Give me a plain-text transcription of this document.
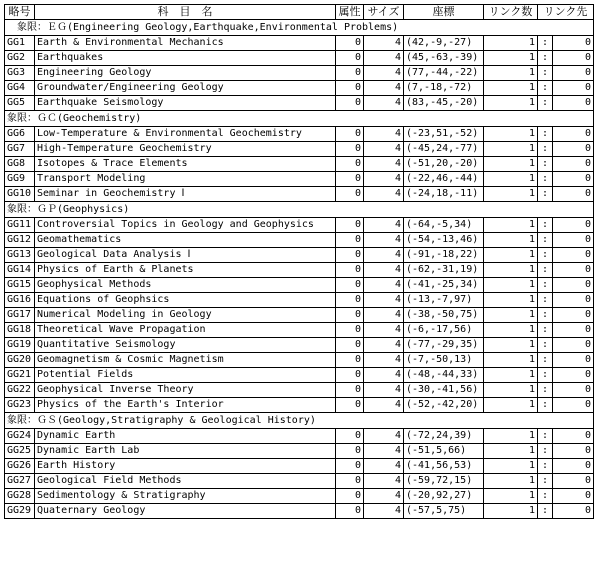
略号	科　目　名	属性	サイズ	座標	リンク数	リンク先	
　象限：ＥＧ(Engineering Geology,Earthquake,Environmental Problems)							
GG1	Earth & Environmental Mechanics	0	4	(42,-9,-27)	1	:	0
GG2	Earthquakes	0	4	(45,-63,-39)	1	:	0
GG3	Engineering Geology	0	4	(77,-44,-22)	1	:	0
GG4	Groundwater/Engineering Geology	0	4	(7,-18,-72)	1	:	0
GG5	Earthquake Seismology	0	4	(83,-45,-20)	1	:	0
象限：ＧＣ(Geochemistry)							
GG6	Low-Temperature & Environmental Geochemistry	0	4	(-23,51,-52)	1	:	0
GG7	High-Temperature Geochemistry	0	4	(-45,24,-77)	1	:	0
GG8	Isotopes & Trace Elements	0	4	(-51,20,-20)	1	:	0
GG9	Transport Modeling	0	4	(-22,46,-44)	1	:	0
GG10	Seminar in Geochemistry Ⅰ	0	4	(-24,18,-11)	1	:	0
象限：ＧＰ(Geophysics)							
GG11	Controversial Topics in Geology and Geophysics	0	4	(-64,-5,34)	1	:	0
GG12	Geomathematics	0	4	(-54,-13,46)	1	:	0
GG13	Geological Data Analysis Ⅰ	0	4	(-91,-18,22)	1	:	0
GG14	Physics of Earth & Planets	0	4	(-62,-31,19)	1	:	0
GG15	Geophysical Methods	0	4	(-41,-25,34)	1	:	0
GG16	Equations of Geophsics	0	4	(-13,-7,97)	1	:	0
GG17	Numerical Modeling in Geology	0	4	(-38,-50,75)	1	:	0
GG18	Theoretical Wave Propagation	0	4	(-6,-17,56)	1	:	0
GG19	Quantitative Seismology	0	4	(-77,-29,35)	1	:	0
GG20	Geomagnetism & Cosmic Magnetism	0	4	(-7,-50,13)	1	:	0
GG21	Potential Fields	0	4	(-48,-44,33)	1	:	0
GG22	Geophysical Inverse Theory	0	4	(-30,-41,56)	1	:	0
GG23	Physics of the Earth's Interior	0	4	(-52,-42,20)	1	:	0
象限：ＧＳ(Geology,Stratigraphy & Geological History)							
GG24	Dynamic Earth	0	4	(-72,24,39)	1	:	0
GG25	Dynamic Earth Lab	0	4	(-51,5,66)	1	:	0
GG26	Earth History	0	4	(-41,56,53)	1	:	0
GG27	Geological Field Methods	0	4	(-59,72,15)	1	:	0
GG28	Sedimentology & Stratigraphy	0	4	(-20,92,27)	1	:	0
GG29	Quaternary Geology	0	4	(-57,5,75)	1	:	0
